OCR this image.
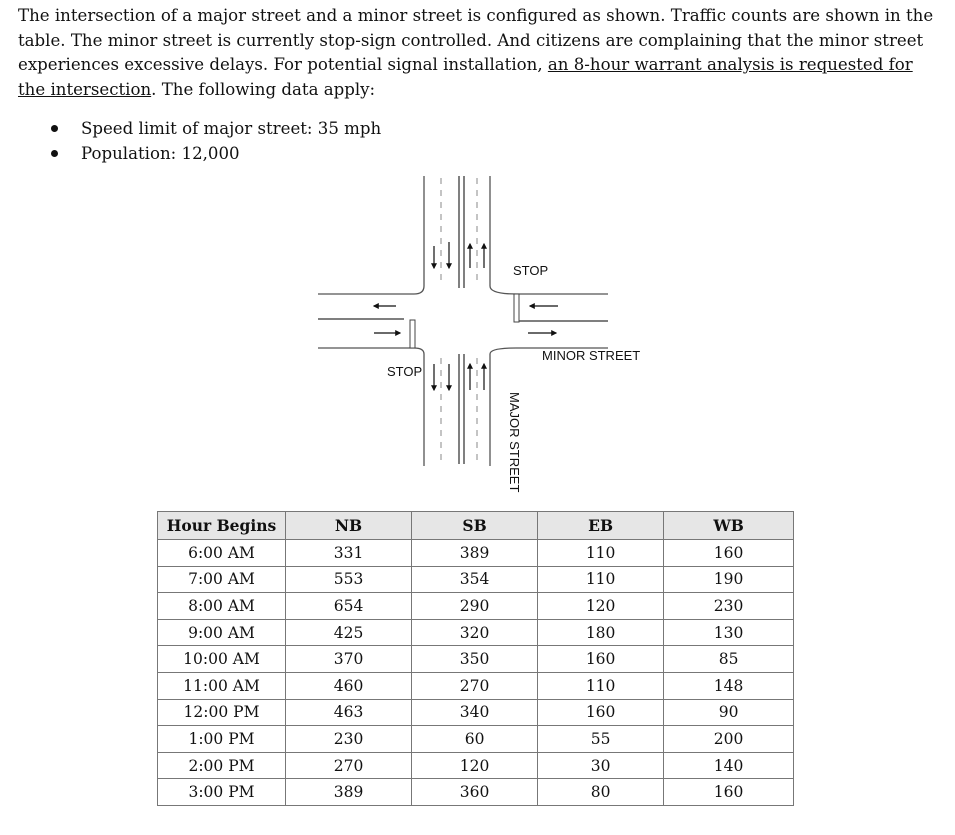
The intersection of a major street and a minor street is configured as shown. Traffic counts are shown in the table. The minor street is currently stop-sign controlled. And citizens are complaining that the minor street experiences excessive delays. For potential signal installation, an 8-hour warrant analysis is requested for the intersection. The following data apply:

Speed limit of major street: 35 mph
Population: 12,000
STOP
STOP
MINOR STREET
MAJOR STREET
Hour Begins	NB	SB	EB	WB
6:00 AM	331	389	110	160
7:00 AM	553	354	110	190
8:00 AM	654	290	120	230
9:00 AM	425	320	180	130
10:00 AM	370	350	160	85
11:00 AM	460	270	110	148
12:00 PM	463	340	160	90
1:00 PM	230	60	55	200
2:00 PM	270	120	30	140
3:00 PM	389	360	80	160
